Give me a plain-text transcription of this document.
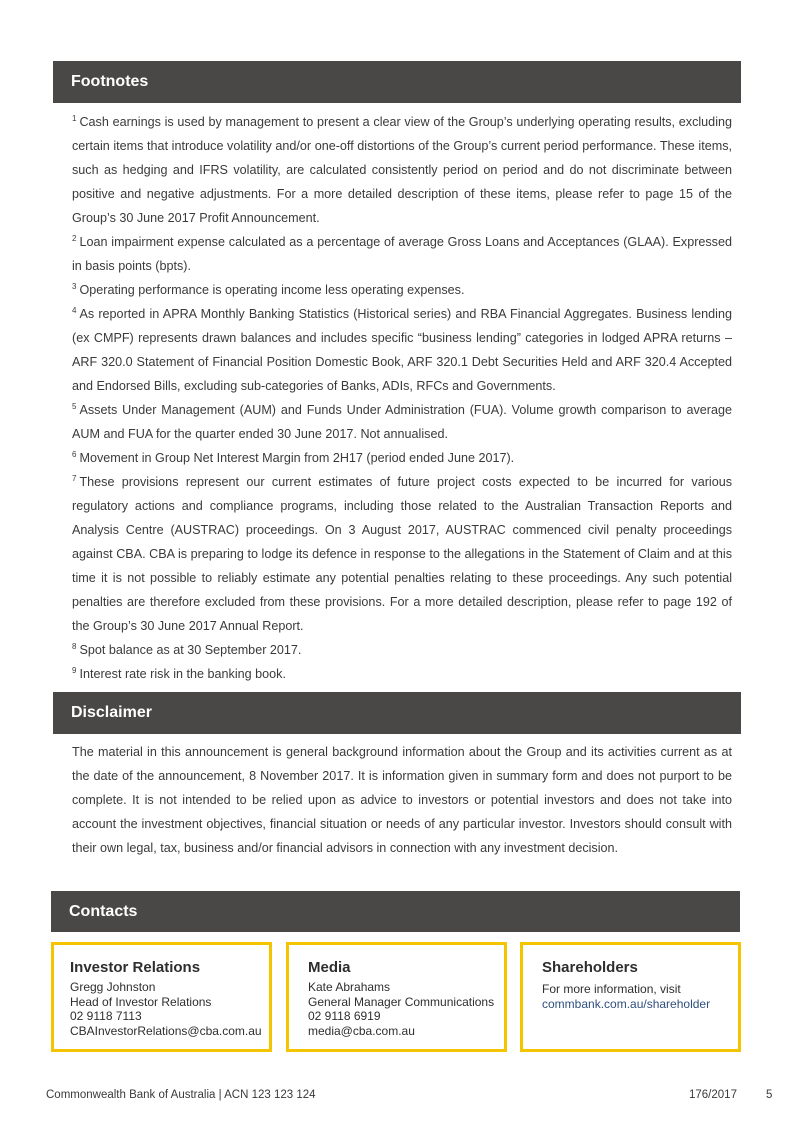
Footnotes

$^1$ Cash earnings is used by management to present a clear view of the Group’s underlying operating results, excluding certain items that introduce volatility and/or one-off distortions of the Group’s current period performance. These items, such as hedging and IFRS volatility, are calculated consistently period on period and do not discriminate between positive and negative adjustments. For a more detailed description of these items, please refer to page 15 of the Group’s 30 June 2017 Profit Announcement.

$^2$ Loan impairment expense calculated as a percentage of average Gross Loans and Acceptances (GLAA). Expressed in basis points (bpts).

$^3$ Operating performance is operating income less operating expenses.

$^4$ As reported in APRA Monthly Banking Statistics (Historical series) and RBA Financial Aggregates. Business lending (ex CMPF) represents drawn balances and includes specific “business lending” categories in lodged APRA returns – ARF 320.0 Statement of Financial Position Domestic Book, ARF 320.1 Debt Securities Held and ARF 320.4 Accepted and Endorsed Bills, excluding sub-categories of Banks, ADIs, RFCs and Governments.

$^5$ Assets Under Management (AUM) and Funds Under Administration (FUA). Volume growth comparison to average AUM and FUA for the quarter ended 30 June 2017. Not annualised.

$^6$ Movement in Group Net Interest Margin from 2H17 (period ended June 2017).

$^7$ These provisions represent our current estimates of future project costs expected to be incurred for various regulatory actions and compliance programs, including those related to the Australian Transaction Reports and Analysis Centre (AUSTRAC) proceedings. On 3 August 2017, AUSTRAC commenced civil penalty proceedings against CBA. CBA is preparing to lodge its defence in response to the allegations in the Statement of Claim and at this time it is not possible to reliably estimate any potential penalties relating to these proceedings. Any such potential penalties are therefore excluded from these provisions. For a more detailed description, please refer to page 192 of the Group’s 30 June 2017 Annual Report.

$^8$ Spot balance as at 30 September 2017.

$^9$ Interest rate risk in the banking book.

Disclaimer

The material in this announcement is general background information about the Group and its activities current as at the date of the announcement, 8 November 2017. It is information given in summary form and does not purport to be complete. It is not intended to be relied upon as advice to investors or potential investors and does not take into account the investment objectives, financial situation or needs of any particular investor. Investors should consult with their own legal, tax, business and/or financial advisors in connection with any investment decision.

Contacts

Investor Relations

Gregg Johnston

Head of Investor Relations

02 9118 7113

CBAInvestorRelations@cba.com.au

Media

Kate Abrahams

General Manager Communications

02 9118 6919

media@cba.com.au

Shareholders

For more information, visit

commbank.com.au/shareholder

Commonwealth Bank of Australia | ACN 123 123 124	176/2017	5
